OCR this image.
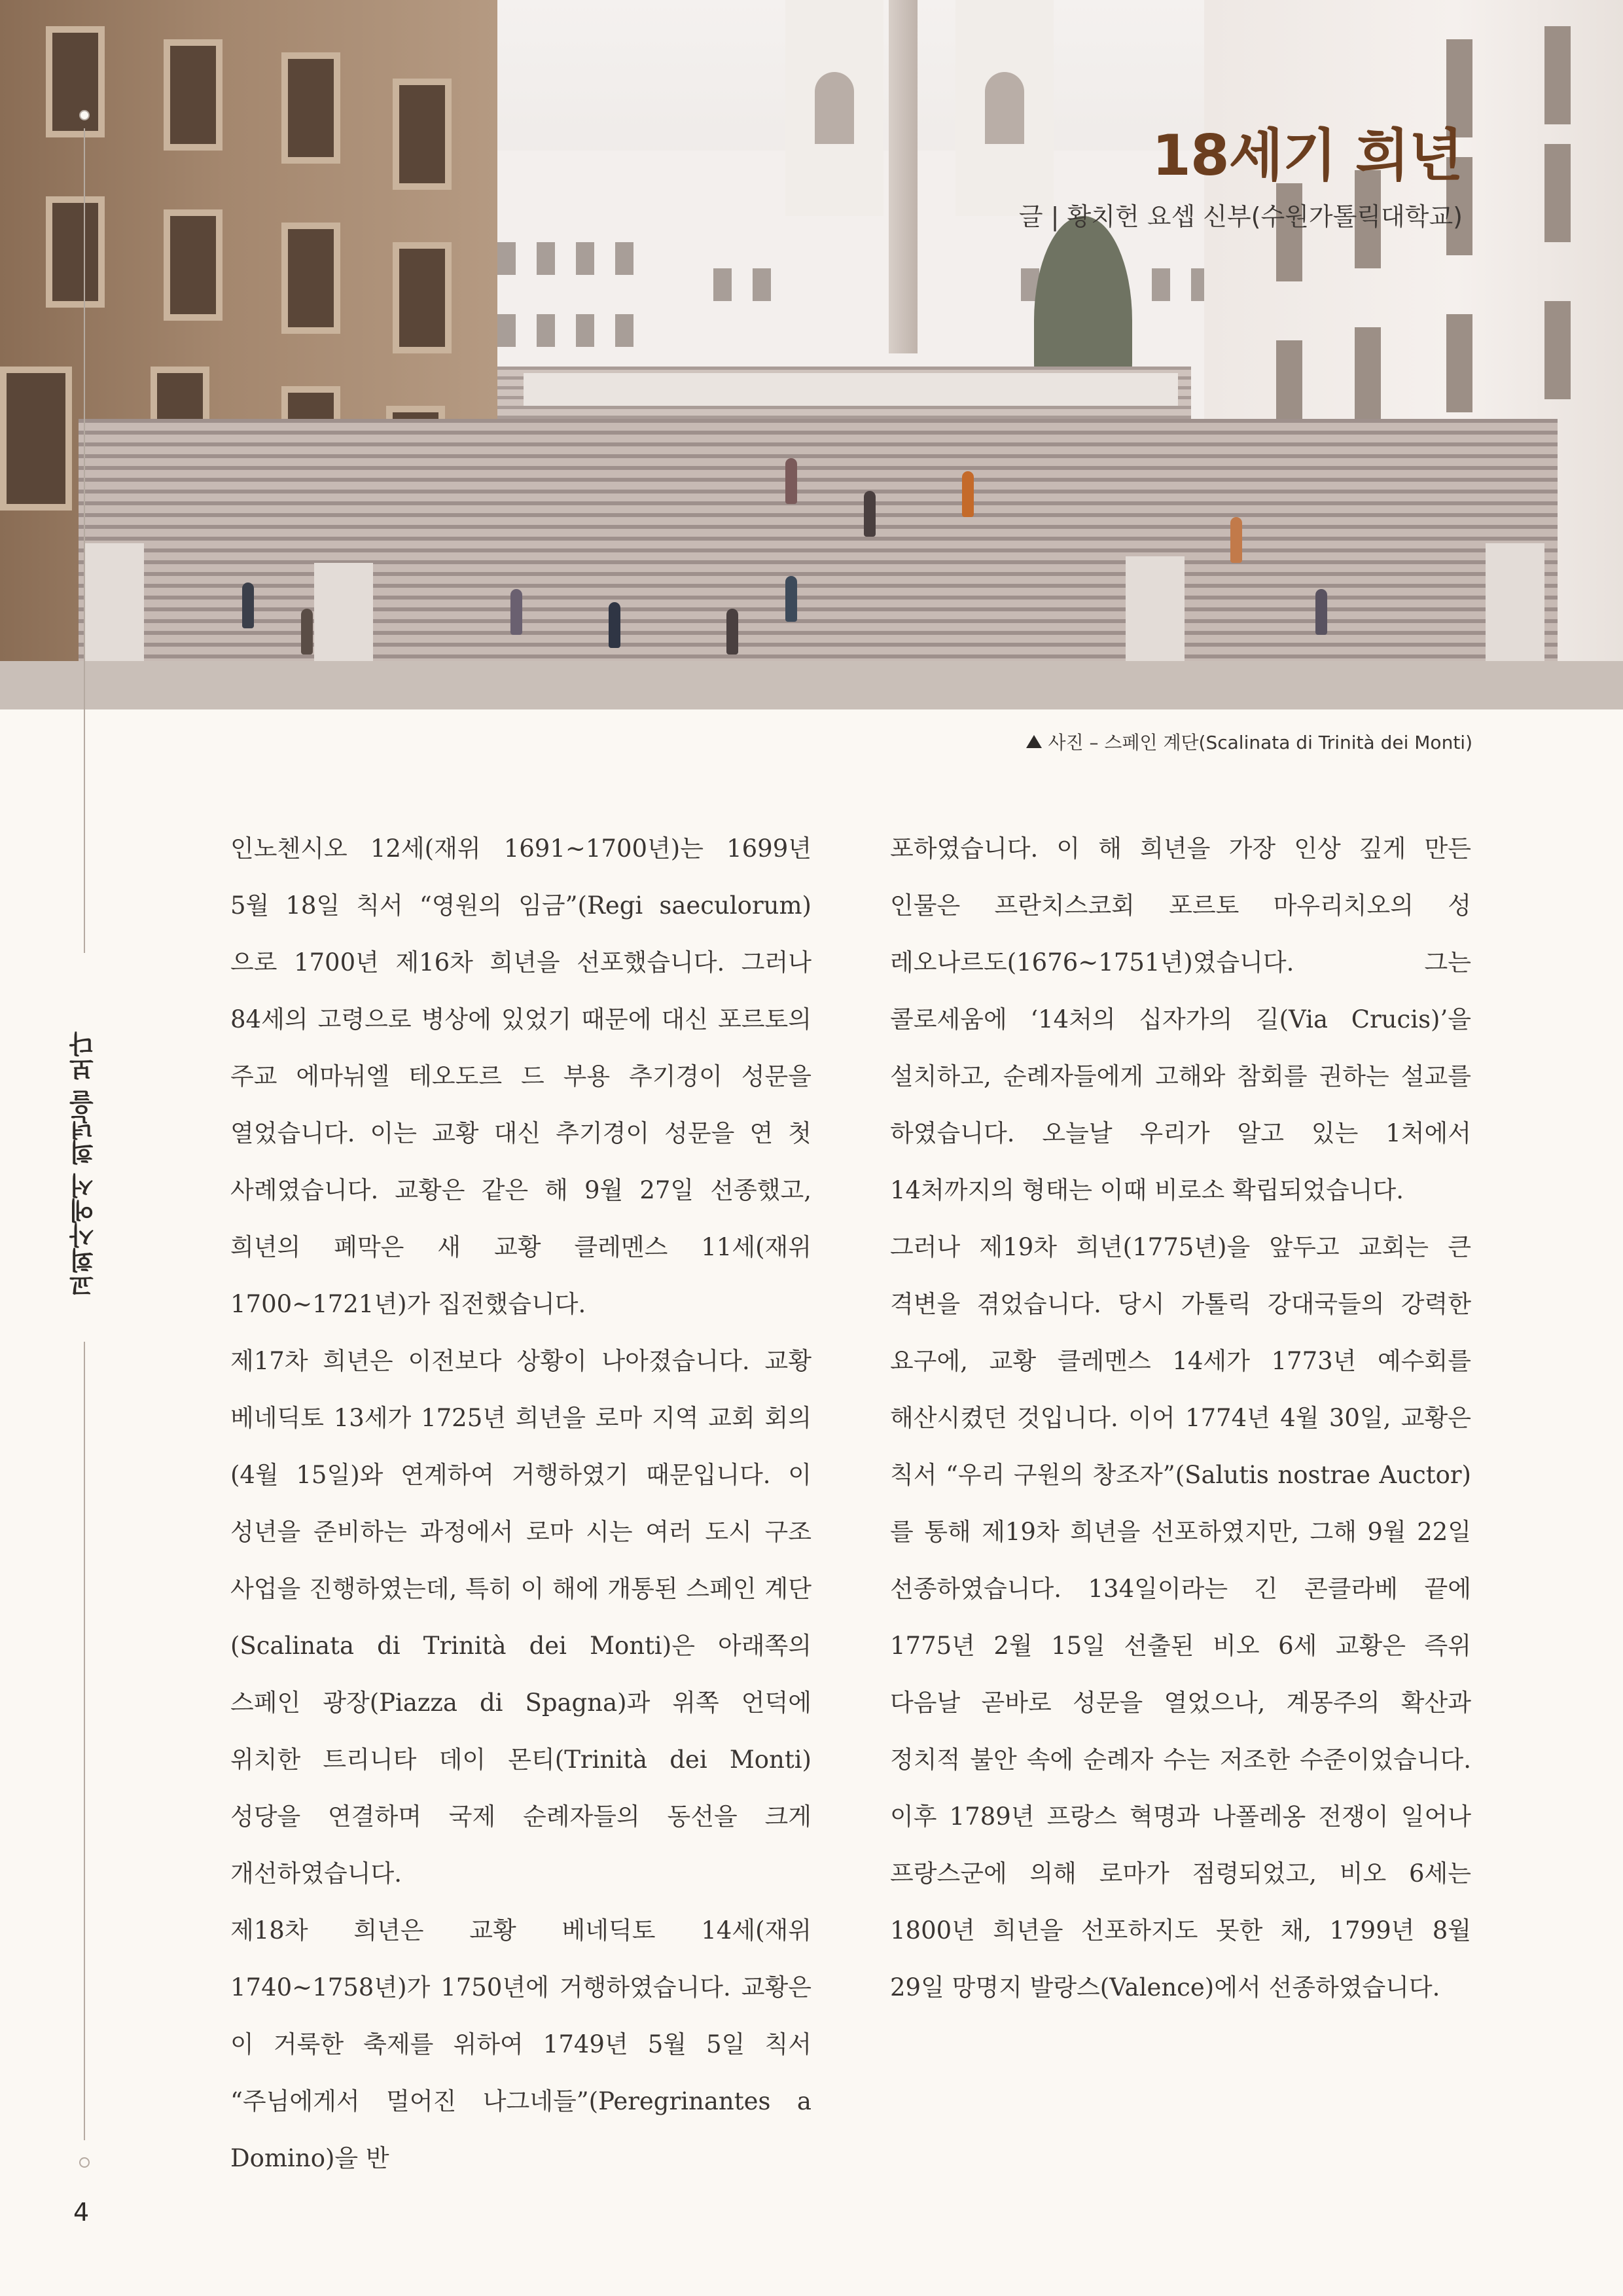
18세기 희년
글 | 황치헌 요셉 신부(수원가톨릭대학교)
사진 – 스페인 계단(Scalinata di Trinità dei Monti)
교회사에서 희년을 보다
4

인노첸시오 12세(재위 1691~1700년)는 1699년 5월 18일 칙서 “영원의 임금”(Regi saeculorum)으로 1700년 제16차 희년을 선포했습니다. 그러나 84세의 고령으로 병상에 있었기 때문에 대신 포르토의 주교 에마뉘엘 테오도르 드 부용 추기경이 성문을 열었습니다. 이는 교황 대신 추기경이 성문을 연 첫 사례였습니다. 교황은 같은 해 9월 27일 선종했고, 희년의 폐막은 새 교황 클레멘스 11세(재위 1700~1721년)가 집전했습니다.

제17차 희년은 이전보다 상황이 나아졌습니다. 교황 베네딕토 13세가 1725년 희년을 로마 지역 교회 회의(4월 15일)와 연계하여 거행하였기 때문입니다. 이 성년을 준비하는 과정에서 로마 시는 여러 도시 구조 사업을 진행하였는데, 특히 이 해에 개통된 스페인 계단(Scalinata di Trinità dei Monti)은 아래쪽의 스페인 광장(Piazza di Spagna)과 위쪽 언덕에 위치한 트리니타 데이 몬티(Trinità dei Monti) 성당을 연결하며 국제 순례자들의 동선을 크게 개선하였습니다.

제18차 희년은 교황 베네딕토 14세(재위 1740~1758년)가 1750년에 거행하였습니다. 교황은 이 거룩한 축제를 위하여 1749년 5월 5일 칙서 “주님에게서 멀어진 나그네들”(Peregrinantes a Domino)을 반

포하였습니다. 이 해 희년을 가장 인상 깊게 만든 인물은 프란치스코회 포르토 마우리치오의 성 레오나르도(1676~1751년)였습니다. 그는 콜로세움에 ‘14처의 십자가의 길(Via Crucis)’을 설치하고, 순례자들에게 고해와 참회를 권하는 설교를 하였습니다. 오늘날 우리가 알고 있는 1처에서 14처까지의 형태는 이때 비로소 확립되었습니다.

그러나 제19차 희년(1775년)을 앞두고 교회는 큰 격변을 겪었습니다. 당시 가톨릭 강대국들의 강력한 요구에, 교황 클레멘스 14세가 1773년 예수회를 해산시켰던 것입니다. 이어 1774년 4월 30일, 교황은 칙서 “우리 구원의 창조자”(Salutis nostrae Auctor)를 통해 제19차 희년을 선포하였지만, 그해 9월 22일 선종하였습니다. 134일이라는 긴 콘클라베 끝에 1775년 2월 15일 선출된 비오 6세 교황은 즉위 다음날 곧바로 성문을 열었으나, 계몽주의 확산과 정치적 불안 속에 순례자 수는 저조한 수준이었습니다. 이후 1789년 프랑스 혁명과 나폴레옹 전쟁이 일어나 프랑스군에 의해 로마가 점령되었고, 비오 6세는 1800년 희년을 선포하지도 못한 채, 1799년 8월 29일 망명지 발랑스(Valence)에서 선종하였습니다.
